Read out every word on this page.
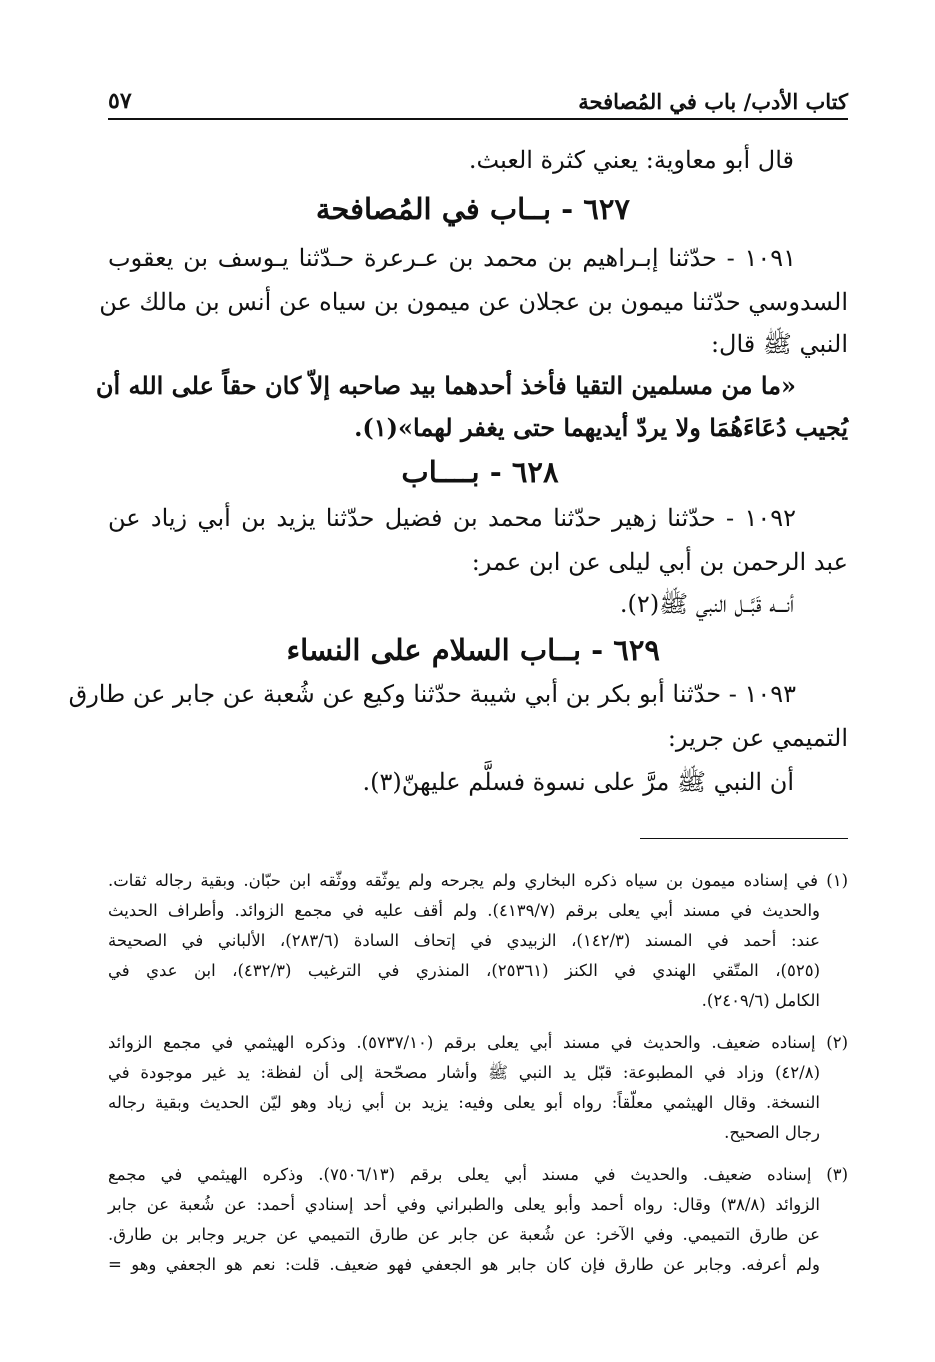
كتاب الأدب/ باب في المُصافحة
٥٧
قال أبو معاوية: يعني كثرة العبث.
٦٢٧ - بــاب في المُصافحة
١٠٩١ - حدّثنا إبـراهيم بن محمد بن عـرعرة حـدّثنا يـوسف بن يعقوب
السدوسي حدّثنا ميمون بن عجلان عن ميمون بن سياه عن أنس بن مالك عن
النبي ﷺ قال:
«ما من مسلمين التقيا فأخذ أحدهما بيد صاحبه إلاّ كان حقاً على الله أن
يُجيب دُعَاءَهُمَا ولا يردّ أيديهما حتى يغفر لهما»(١).
٦٢٨ - بــــاب
١٠٩٢ - حدّثنا زهير حدّثنا محمد بن فضيل حدّثنا يزيد بن أبي زياد عن
عبد الرحمن بن أبي ليلى عن ابن عمر:
أنـــه قَبَّــل النبي ﷺ(٢).
٦٢٩ - بــاب السلام على النساء
١٠٩٣ - حدّثنا أبو بكر بن أبي شيبة حدّثنا وكيع عن شُعبة عن جابر عن طارق
التميمي عن جرير:
أن النبي ﷺ مرَّ على نسوة فسلَّم عليهنّ(٣).
(١) في إسناده ميمون بن سياه ذكره البخاري ولم يجرحه ولم يوثّقه ووثّقه ابن حبّان. وبقية رجاله ثقات.
والحديث في مسند أبي يعلى برقم (٤١٣٩/٧). ولم أقف عليه في مجمع الزوائد. وأطراف الحديث
عند: أحمد في المسند (١٤٢/٣)، الزبيدي في إتحاف السادة (٢٨٣/٦)، الألباني في الصحيحة
(٥٢٥)، المتّقي الهندي في الكنز (٢٥٣٦١)، المنذري في الترغيب (٤٣٢/٣)، ابن عدي في
الكامل (٢٤٠٩/٦).
(٢) إسناده ضعيف. والحديث في مسند أبي يعلى برقم (٥٧٣٧/١٠). وذكره الهيثمي في مجمع الزوائد
(٤٢/٨) وزاد في المطبوعة: قبّل يد النبي ﷺ وأشار مصحّحة إلى أن لفظة: يد غير موجودة في
النسخة. وقال الهيثمي معلّقاً: رواه أبو يعلى وفيه: يزيد بن أبي زياد وهو ليّن الحديث وبقية رجاله
رجال الصحيح.
(٣) إسناده ضعيف. والحديث في مسند أبي يعلى برقم (٧٥٠٦/١٣). وذكره الهيثمي في مجمع
الزوائد (٣٨/٨) وقال: رواه أحمد وأبو يعلى والطبراني وفي أحد إسنادي أحمد: عن شُعبة عن جابر
عن طارق التميمي. وفي الآخر: عن شُعبة عن جابر عن طارق التميمي عن جرير وجابر بن طارق.
ولم أعرفه. وجابر عن طارق فإن كان جابر هو الجعفي فهو ضعيف. قلت: نعم هو الجعفي وهو =
